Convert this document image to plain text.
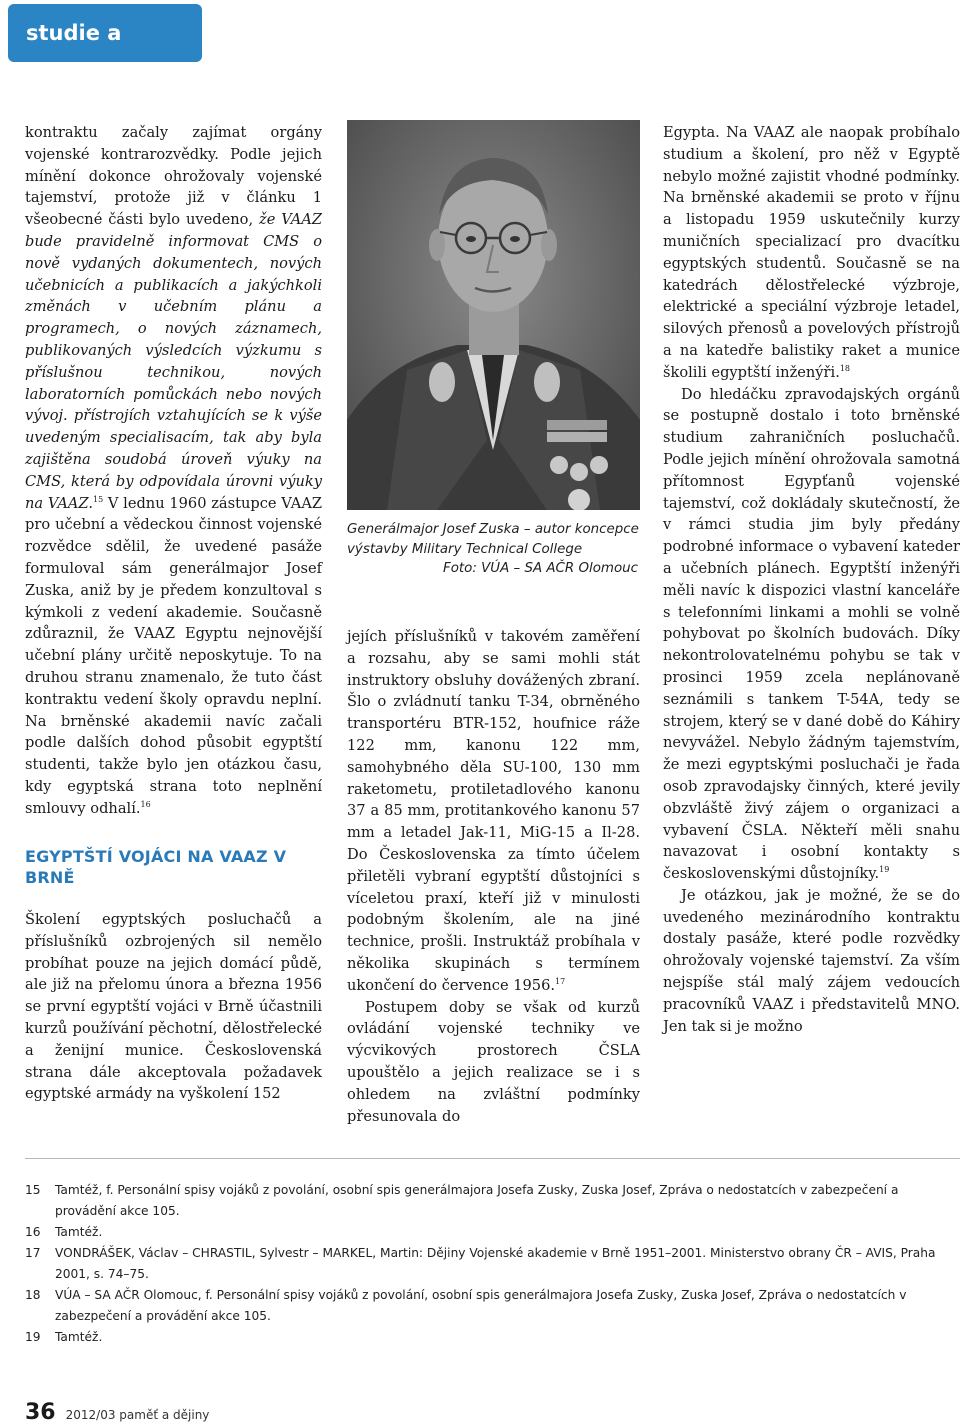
studie a články

kontraktu začaly zajímat orgány vojenské kontrarozvědky. Podle jejich mínění dokonce ohrožovaly vojenské tajemství, protože již v článku 1 všeobecné části bylo uvedeno, že VAAZ bude pravidelně informovat CMS o nově vydaných dokumentech, nových učebnicích a publikacích a jakýchkoli změnách v učebním plánu a programech, o nových záznamech, publikovaných výsledcích výzkumu s příslušnou technikou, nových laboratorních pomůckách nebo nových vývoj. přístrojích vztahujících se k výše uvedeným specialisacím, tak aby byla zajištěna soudobá úroveň výuky na CMS, která by odpovídala úrovni výuky na VAAZ.$^{15}$ V lednu 1960 zástupce VAAZ pro učební a vědeckou činnost vojenské rozvědce sdělil, že uvedené pasáže formuloval sám generálmajor Josef Zuska, aniž by je předem konzultoval s kýmkoli z vedení akademie. Současně zdůraznil, že VAAZ Egyptu nejnovější učební plány určitě neposkytuje. To na druhou stranu znamenalo, že tuto část kontraktu vedení školy opravdu neplní. Na brněnské akademii navíc začali podle dalších dohod působit egyptští studenti, takže bylo jen otázkou času, kdy egyptská strana toto neplnění smlouvy odhalí.$^{16}$

EGYPTŠTÍ VOJÁCI NA VAAZ V BRNĚ

Školení egyptských posluchačů a příslušníků ozbrojených sil nemělo probíhat pouze na jejich domácí půdě, ale již na přelomu února a března 1956 se první egyptští vojáci v Brně účastnili kurzů používání pěchotní, dělostřelecké a ženijní munice. Československá strana dále akceptovala požadavek egyptské armády na vyškolení 152

Generálmajor Josef Zuska – autor koncepce výstavby Military Technical College
Foto: VÚA – SA AČR Olomouc

jejích příslušníků v takovém zaměření a rozsahu, aby se sami mohli stát instruktory obsluhy dovážených zbraní. Šlo o zvládnutí tanku T-34, obrněného transportéru BTR-152, houfnice ráže 122 mm, kanonu 122 mm, samohybného děla SU-100, 130 mm raketometu, protiletadlového kanonu 37 a 85 mm, protitankového kanonu 57 mm a letadel Jak-11, MiG-15 a Il-28. Do Československa za tímto účelem přiletěli vybraní egyptští důstojníci s víceletou praxí, kteří již v minulosti podobným školením, ale na jiné technice, prošli. Instruktáž probíhala v několika skupinách s termínem ukončení do července 1956.17

Postupem doby se však od kurzů ovládání vojenské techniky ve výcvikových prostorech ČSLA upouštělo a jejich realizace se i s ohledem na zvláštní podmínky přesunovala do

Egypta. Na VAAZ ale naopak probíhalo studium a školení, pro něž v Egyptě nebylo možné zajistit vhodné podmínky. Na brněnské akademii se proto v říjnu a listopadu 1959 uskutečnily kurzy muničních specializací pro dvacítku egyptských studentů. Současně se na katedrách dělostřelecké výzbroje, elektrické a speciální výzbroje letadel, silových přenosů a povelových přístrojů a na katedře balistiky raket a munice školili egyptští inženýři.$^{18}$

Do hledáčku zpravodajských orgánů se postupně dostalo i toto brněnské studium zahraničních posluchačů. Podle jejich mínění ohrožovala samotná přítomnost Egypťanů vojenské tajemství, což dokládaly skutečností, že v rámci studia jim byly předány podrobné informace o vybavení kateder a učebních plánech. Egyptští inženýři měli navíc k dispozici vlastní kanceláře s telefonními linkami a mohli se volně pohybovat po školních budovách. Díky nekontrolovatelnému pohybu se tak v prosinci 1959 zcela neplánovaně seznámili s tankem T-54A, tedy se strojem, který se v dané době do Káhiry nevyvážel. Nebylo žádným tajemstvím, že mezi egyptskými posluchači je řada osob zpravodajsky činných, které jevily obzvláště živý zájem o organizaci a vybavení ČSLA. Někteří měli snahu navazovat i osobní kontakty s československými důstojníky.$^{19}$

Je otázkou, jak je možné, že se do uvedeného mezinárodního kontraktu dostaly pasáže, které podle rozvědky ohrožovaly vojenské tajemství. Za vším nejspíše stál malý zájem vedoucích pracovníků VAAZ i představitelů MNO. Jen tak si je možno

15	Tamtéž, f. Personální spisy vojáků z povolání, osobní spis generálmajora Josefa Zusky, Zuska Josef, Zpráva o nedostatcích v zabezpečení a provádění akce 105.
16	Tamtéž.
17	VONDRÁŠEK, Václav – CHRASTIL, Sylvestr – MARKEL, Martin: Dějiny Vojenské akademie v Brně 1951–2001. Ministerstvo obrany ČR – AVIS, Praha 2001, s. 74–75.
18	VÚA – SA AČR Olomouc, f. Personální spisy vojáků z povolání, osobní spis generálmajora Josefa Zusky, Zuska Josef, Zpráva o nedostatcích v zabezpečení a provádění akce 105.
19	Tamtéž.
36 2012/03 paměť a dějiny
